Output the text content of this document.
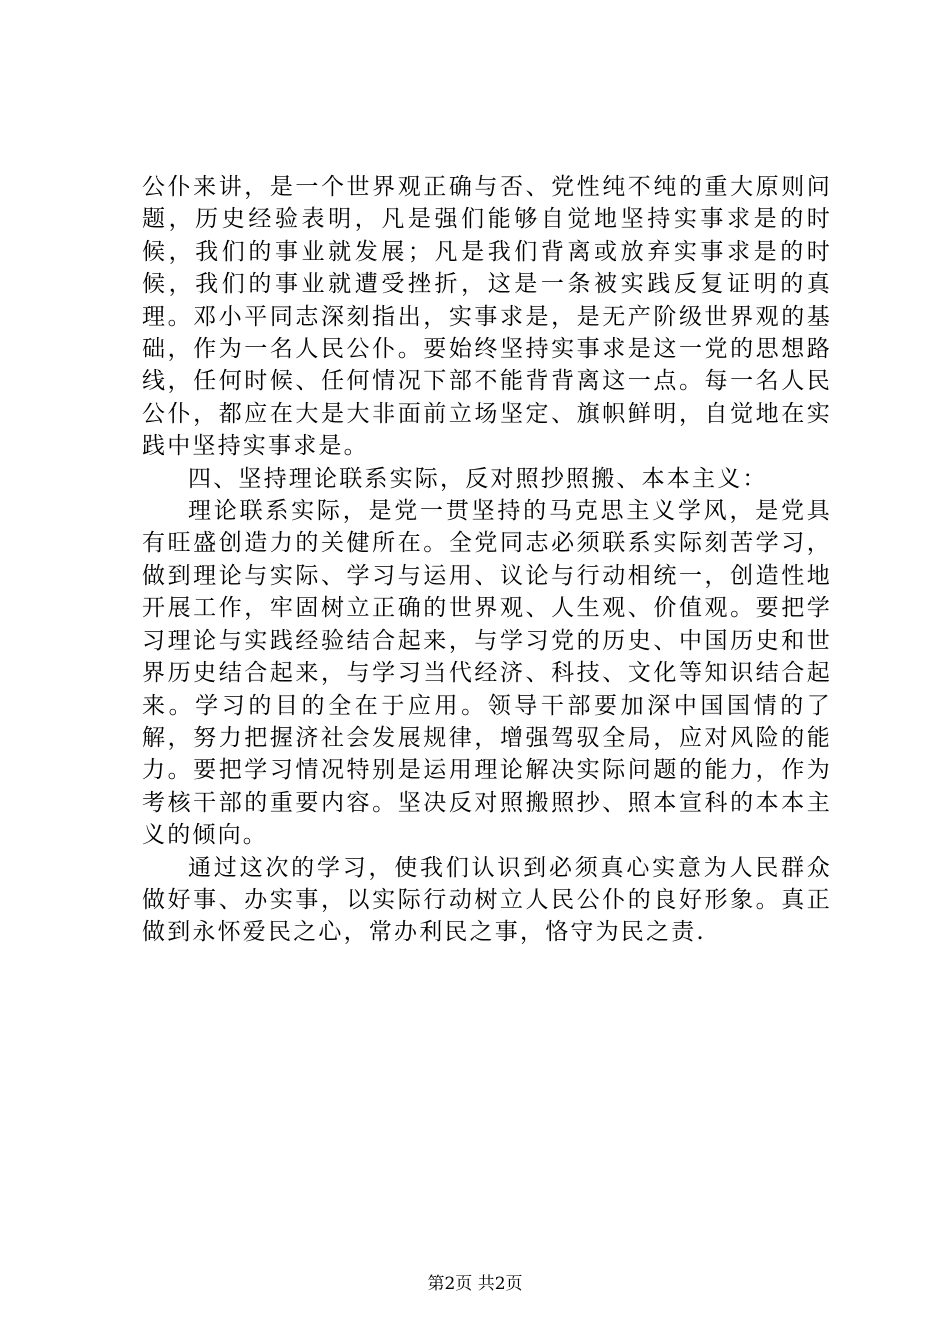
公仆来讲，是一个世界观正确与否、党性纯不纯的重大原则问题，历史经验表明，凡是强们能够自觉地坚持实事求是的时候，我们的事业就发展；凡是我们背离或放弃实事求是的时候，我们的事业就遭受挫折，这是一条被实践反复证明的真理。邓小平同志深刻指出，实事求是，是无产阶级世界观的基础，作为一名人民公仆。要始终坚持实事求是这一党的思想路线，任何时候、任何情况下部不能背背离这一点。每一名人民公仆，都应在大是大非面前立场坚定、旗帜鲜明，自觉地在实践中坚持实事求是。

四、坚持理论联系实际，反对照抄照搬、本本主义：

理论联系实际，是党一贯坚持的马克思主义学风，是党具有旺盛创造力的关健所在。全党同志必须联系实际刻苦学习，做到理论与实际、学习与运用、议论与行动相统一，创造性地开展工作，牢固树立正确的世界观、人生观、价值观。要把学习理论与实践经验结合起来，与学习党的历史、中国历史和世界历史结合起来，与学习当代经济、科技、文化等知识结合起来。学习的目的全在于应用。领导干部要加深中国国情的了解，努力把握济社会发展规律，增强驾驭全局，应对风险的能力。要把学习情况特别是运用理论解决实际问题的能力，作为考核干部的重要内容。坚决反对照搬照抄、照本宣科的本本主义的倾向。

通过这次的学习，使我们认识到必须真心实意为人民群众做好事、办实事，以实际行动树立人民公仆的良好形象。真正做到永怀爱民之心，常办利民之事，恪守为民之责.

第2页 共2页
